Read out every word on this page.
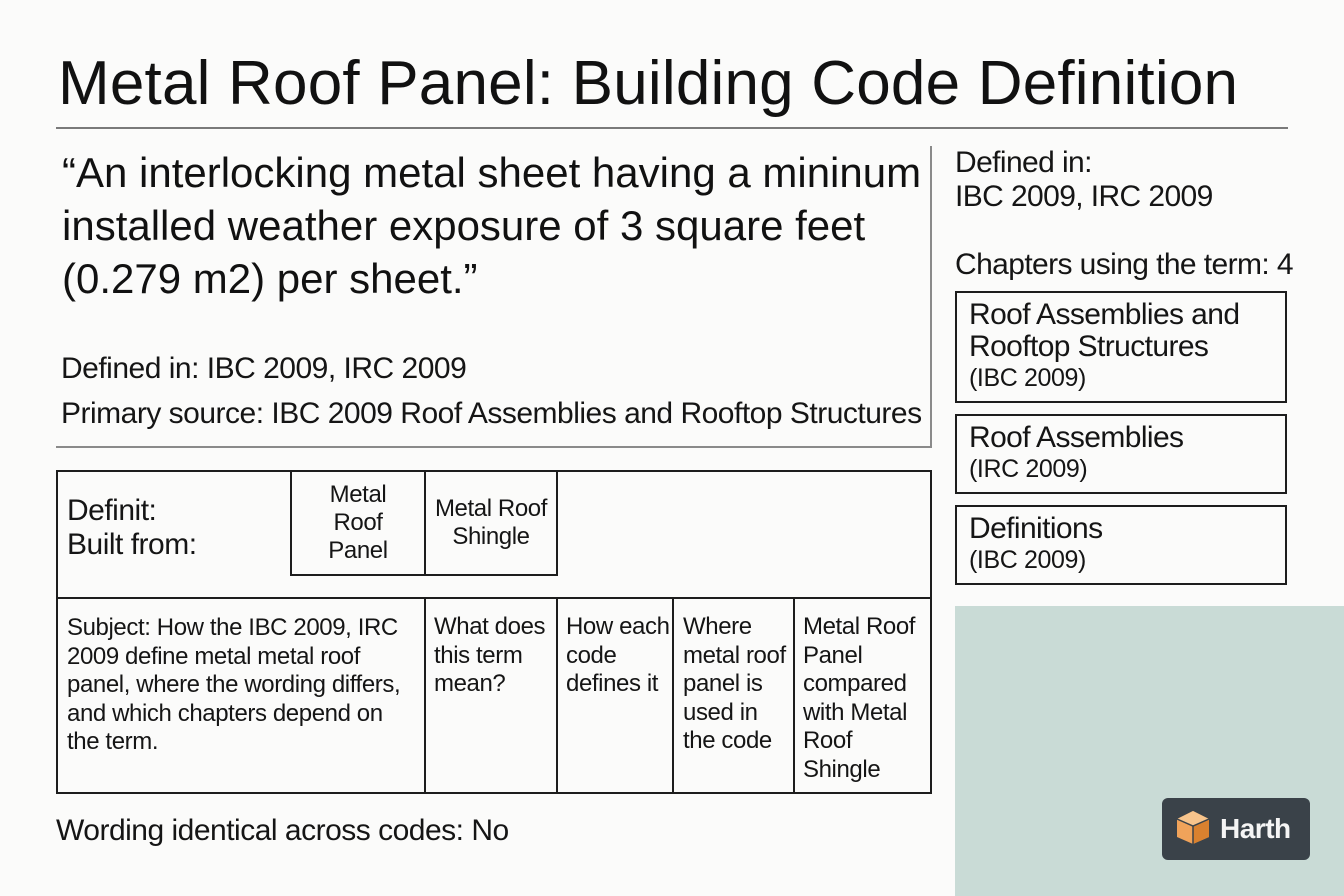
Metal Roof Panel: Building Code Definition
“An interlocking metal sheet having a mininum installed weather exposure of 3 square feet (0.279 m2) per sheet.”
Defined in: IBC 2009, IRC 2009
Primary source: IBC 2009 Roof Assemblies and Rooftop Structures
Definit:
Built from:
Metal Roof Panel
Metal Roof Shingle
Subject: How the IBC 2009, IRC 2009 define metal metal roof panel, where the wording differs, and which chapters depend on the term.
What does this term mean?
How each code defines it
Where metal roof panel is used in the code
Metal Roof Panel compared with Metal Roof Shingle
Wording identical across codes: No
Defined in:
IBC 2009, IRC 2009
Chapters using the term: 4
Roof Assemblies and Rooftop Structures
(IBC 2009)
Roof Assemblies
(IRC 2009)
Definitions
(IBC 2009)
Harth
